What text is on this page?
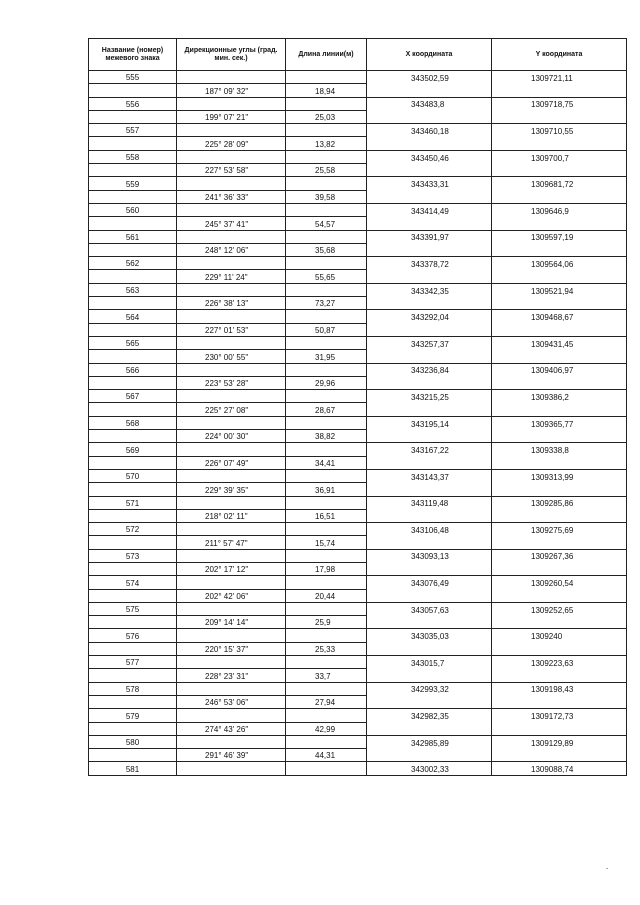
Название (номер) межевого знака	Дирекционные углы (град. мин. сек.)	Длина линии(м)	X координата	Y координата
555			343502,59	1309721,11
	187° 09' 32"	18,94		
556			343483,8	1309718,75
	199° 07' 21"	25,03		
557			343460,18	1309710,55
	225° 28' 09"	13,82		
558			343450,46	1309700,7
	227° 53' 58"	25,58		
559			343433,31	1309681,72
	241° 36' 33"	39,58		
560			343414,49	1309646,9
	245° 37' 41"	54,57		
561			343391,97	1309597,19
	248° 12' 06"	35,68		
562			343378,72	1309564,06
	229° 11' 24"	55,65		
563			343342,35	1309521,94
	226° 38' 13"	73,27		
564			343292,04	1309468,67
	227° 01' 53"	50,87		
565			343257,37	1309431,45
	230° 00' 55"	31,95		
566			343236,84	1309406,97
	223° 53' 28"	29,96		
567			343215,25	1309386,2
	225° 27' 08"	28,67		
568			343195,14	1309365,77
	224° 00' 30"	38,82		
569			343167,22	1309338,8
	226° 07' 49"	34,41		
570			343143,37	1309313,99
	229° 39' 35"	36,91		
571			343119,48	1309285,86
	218° 02' 11"	16,51		
572			343106,48	1309275,69
	211° 57' 47"	15,74		
573			343093,13	1309267,36
	202° 17' 12"	17,98		
574			343076,49	1309260,54
	202° 42' 06"	20,44		
575			343057,63	1309252,65
	209° 14' 14"	25,9		
576			343035,03	1309240
	220° 15' 37"	25,33		
577			343015,7	1309223,63
	228° 23' 31"	33,7		
578			342993,32	1309198,43
	246° 53' 06"	27,94		
579			342982,35	1309172,73
	274° 43' 26"	42,99		
580			342985,89	1309129,89
	291° 46' 39"	44,31		
581			343002,33	1309088,74
